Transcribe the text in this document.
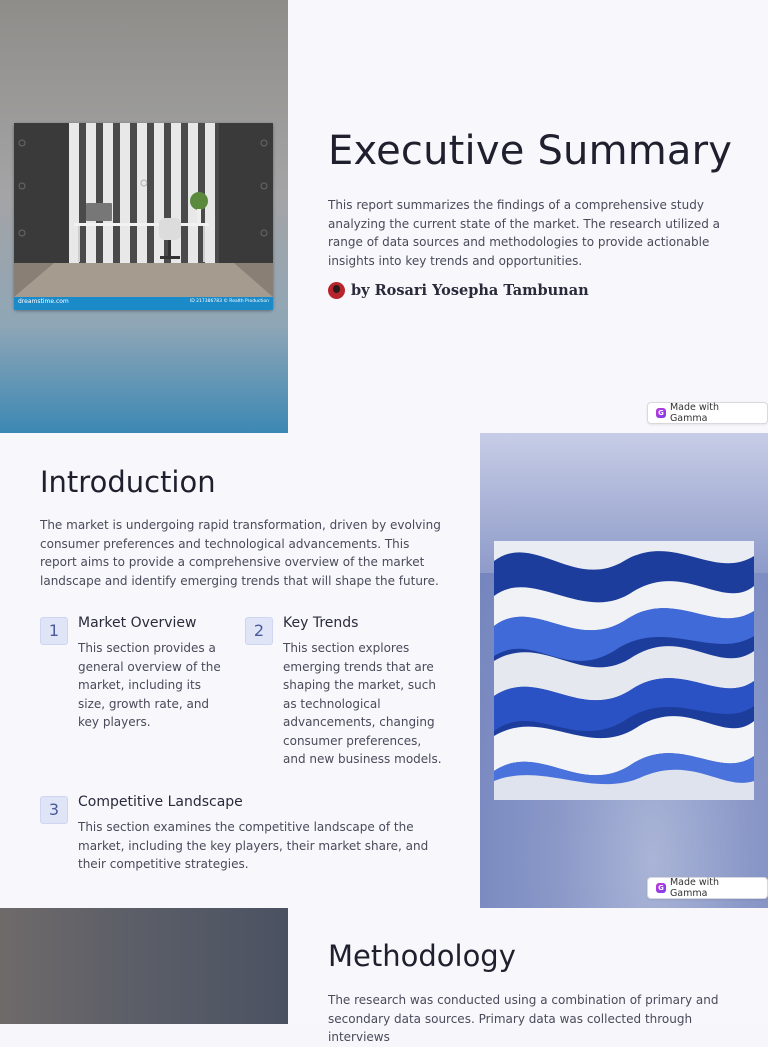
dreamstime.com	ID 217386783 © Realth Production
Executive Summary

This report summarizes the findings of a comprehensive study analyzing the current state of the market. The research utilized a range of data sources and methodologies to provide actionable insights into key trends and opportunities.

by Rosari Yosepha Tambunan
G Made with Gamma
Introduction

The market is undergoing rapid transformation, driven by evolving consumer preferences and technological advancements. This report aims to provide a comprehensive overview of the market landscape and identify emerging trends that will shape the future.

1	Market Overview

This section provides a general overview of the market, including its size, growth rate, and key players.

2	Key Trends

This section explores emerging trends that are shaping the market, such as technological advancements, changing consumer preferences, and new business models.

3	Competitive Landscape

This section examines the competitive landscape of the market, including the key players, their market share, and their competitive strategies.

G Made with Gamma
Methodology

The research was conducted using a combination of primary and secondary data sources. Primary data was collected through interviews
